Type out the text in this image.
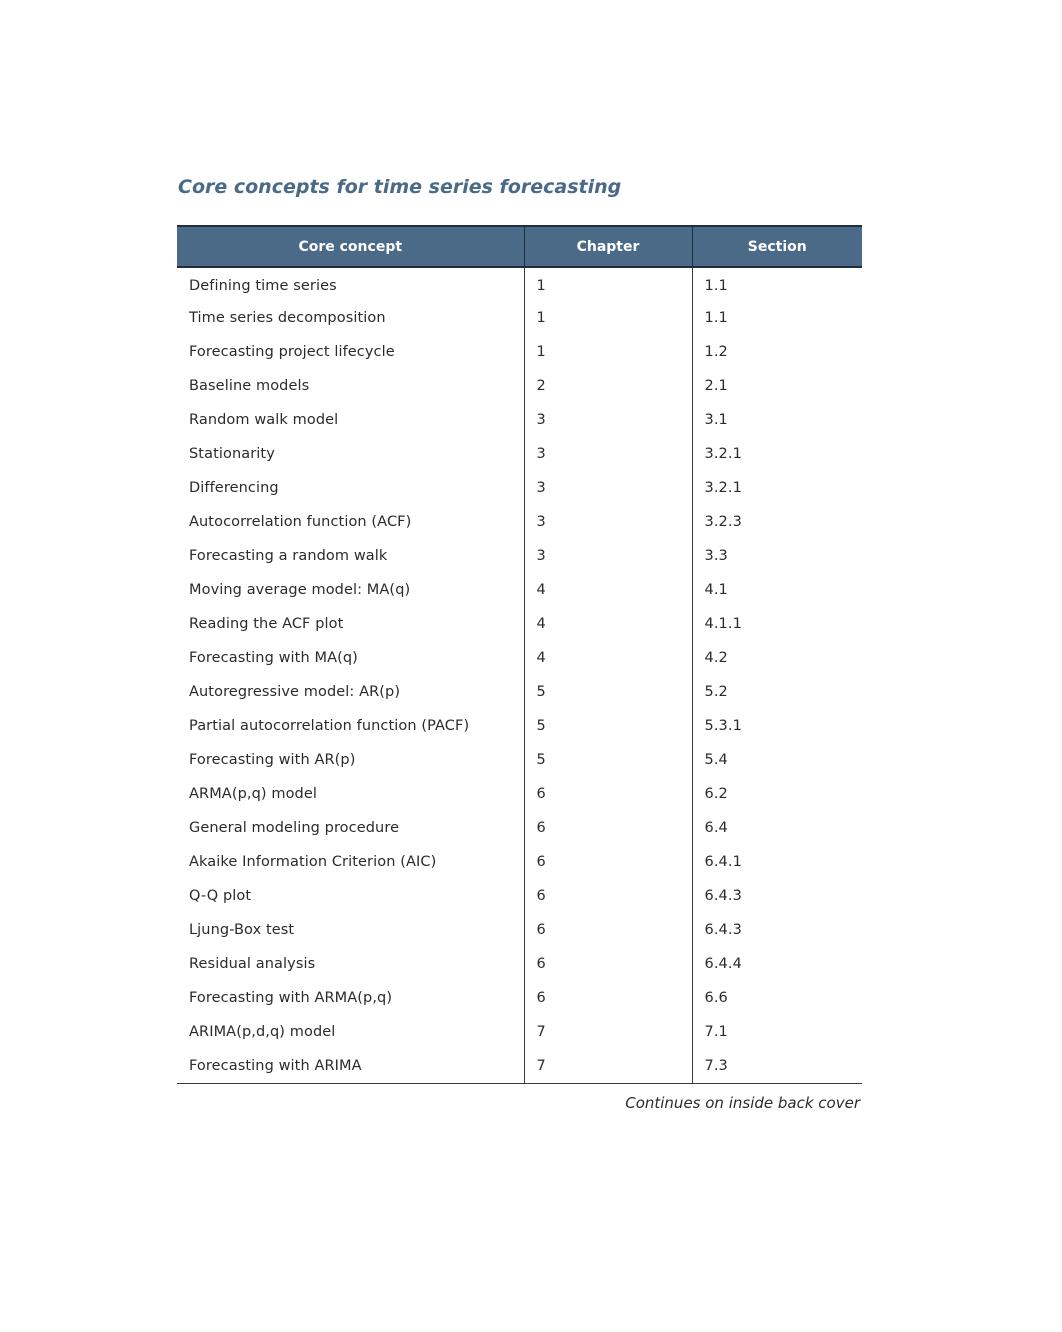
Core concepts for time series forecasting
Core concept	Chapter	Section
Defining time series	1	1.1
Time series decomposition	1	1.1
Forecasting project lifecycle	1	1.2
Baseline models	2	2.1
Random walk model	3	3.1
Stationarity	3	3.2.1
Differencing	3	3.2.1
Autocorrelation function (ACF)	3	3.2.3
Forecasting a random walk	3	3.3
Moving average model: MA(q)	4	4.1
Reading the ACF plot	4	4.1.1
Forecasting with MA(q)	4	4.2
Autoregressive model: AR(p)	5	5.2
Partial autocorrelation function (PACF)	5	5.3.1
Forecasting with AR(p)	5	5.4
ARMA(p,q) model	6	6.2
General modeling procedure	6	6.4
Akaike Information Criterion (AIC)	6	6.4.1
Q-Q plot	6	6.4.3
Ljung-Box test	6	6.4.3
Residual analysis	6	6.4.4
Forecasting with ARMA(p,q)	6	6.6
ARIMA(p,d,q) model	7	7.1
Forecasting with ARIMA	7	7.3

Continues on inside back cover
